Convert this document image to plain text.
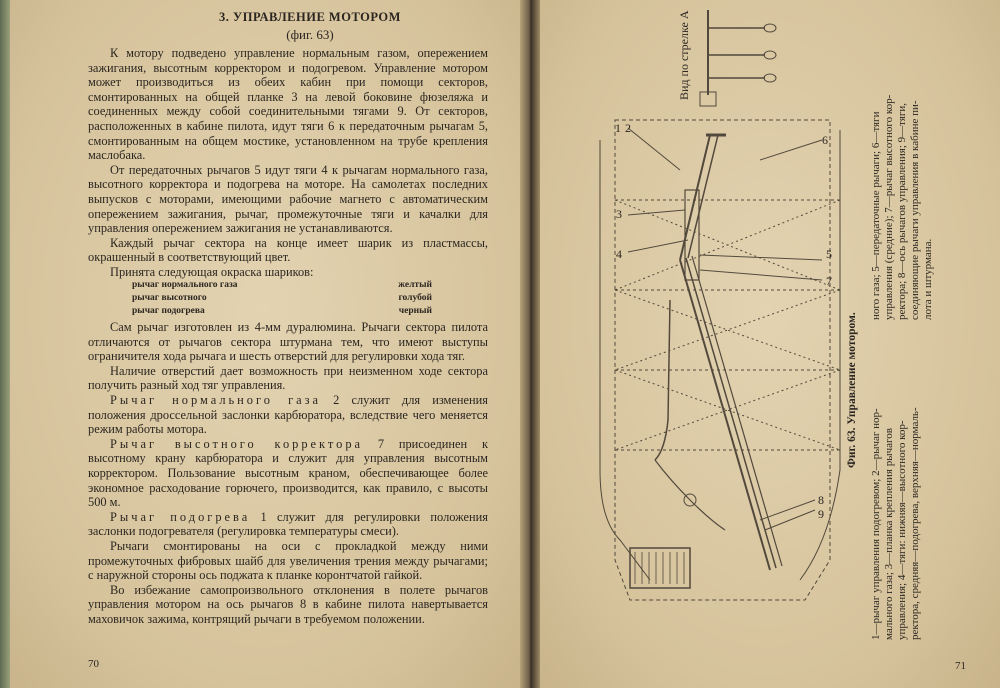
3. УПРАВЛЕНИЕ МОТОРОМ
(фиг. 63)

К мотору подведено управление нормальным газом, опережением зажигания, высотным корректором и подогревом. Управление мотором может производиться из обеих кабин при помощи секторов, смонтированных на общей планке 3 на левой боковине фюзеляжа и соединенных между собой соединительными тягами 9. От секторов, расположенных в кабине пилота, идут тяги 6 к передаточным рычагам 5, смонтированным на общем мостике, установленном на трубе крепления маслобака.

От передаточных рычагов 5 идут тяги 4 к рычагам нормального газа, высотного корректора и подогрева на моторе. На самолетах последних выпусков с моторами, имеющими рабочие магнето с автоматическим опережением зажигания, рычаг, промежуточные тяги и качалки для управления опережением зажигания не устанавливаются.

Каждый рычаг сектора на конце имеет шарик из пластмассы, окрашенный в соответствующий цвет.

Принята следующая окраска шариков:

рычаг нормального газа	желтый
рычаг высотного	голубой
рычаг подогрева	черный

Сам рычаг изготовлен из 4-мм дуралюмина. Рычаги сектора пилота отличаются от рычагов сектора штурмана тем, что имеют выступы ограничителя хода рычага и шесть отверстий для регулировки хода тяг.

Наличие отверстий дает возможность при неизменном ходе сектора получить разный ход тяг управления.

Рычаг нормального газа 2 служит для изменения положения дроссельной заслонки карбюратора, вследствие чего меняется режим работы мотора.

Рычаг высотного корректора 7 присоединен к высотному крану карбюратора и служит для управления высотным корректором. Пользование высотным краном, обеспечивающее более экономное расходование горючего, производится, как правило, с высоты 500 м.

Рычаг подогрева 1 служит для регулировки положения заслонки подогревателя (регулировка температуры смеси).

Рычаги смонтированы на оси с прокладкой между ними промежуточных фибровых шайб для увеличения трения между рычагами; с наружной стороны ось поджата к планке коронтчатой гайкой.

Во избежание самопроизвольного отклонения в полете рычагов управления мотором на ось рычагов 8 в кабине пилота навертывается маховичок зажима, контрящий рычаги в требуемом положении.

70
1 2
3
4	5
6
7
8
9
Вид по стрелке А
Фиг. 63. Управление мотором.
1—рычаг управления подогревом; 2—рычаг нор- мального газа; 3—планка крепления рычагов управления; 4—тяги: нижняя—высотного кор- ректора, средняя—подогрева, верхняя—нормаль-
ного газа; 5—передаточные рычаги; 6—тяги управления (средние); 7—рычаг высотного кор- ректора; 8—ось рычагов управления; 9—тяги, соединяющие рычаги управления в кабине пи- лота и штурмана.
71
